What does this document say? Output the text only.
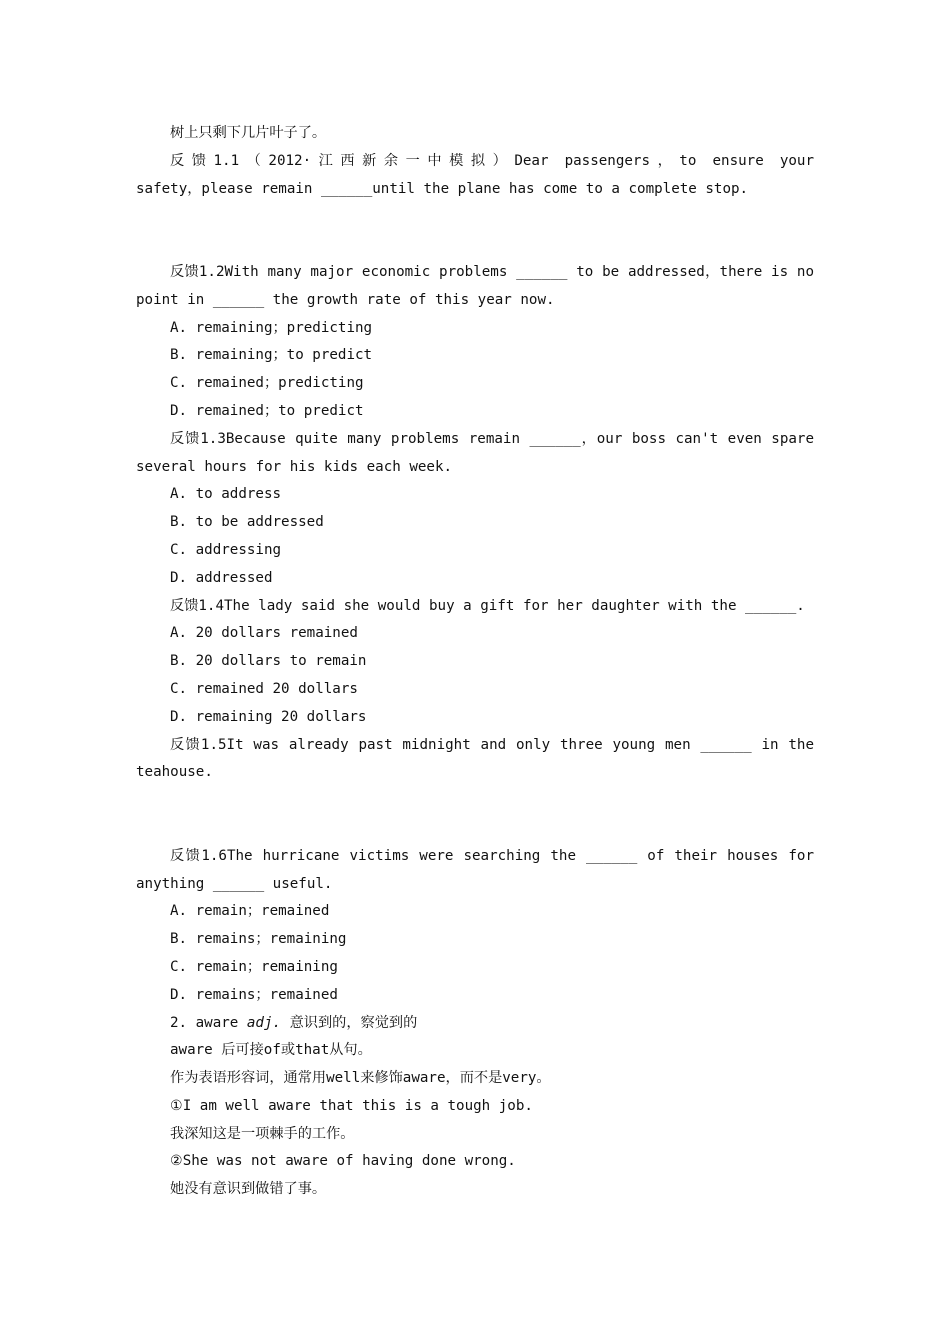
树上只剩下几片叶子了。
反馈1.1（2012·江西新余一中模拟）Dear passengers，to ensure your
safety，please remain ______until the plane has come to a complete stop.

反馈1.2With many major economic problems ______ to be addressed，there is no
point in ______ the growth rate of this year now.
A. remaining；predicting
B. remaining；to predict
C. remained；predicting
D. remained；to predict
反馈1.3Because quite many problems remain ______，our boss can't even spare
several hours for his kids each week.
A. to address
B. to be addressed
C. addressing
D. addressed
反馈1.4The lady said she would buy a gift for her daughter with the ______.
A. 20 dollars remained
B. 20 dollars to remain
C. remained 20 dollars
D. remaining 20 dollars
反馈1.5It was already past midnight and only three young men ______ in the
teahouse.

反馈1.6The hurricane victims were searching the ______ of their houses for
anything ______ useful.
A. remain；remained
B. remains；remaining
C. remain；remaining
D. remains；remained
2. aware adj. 意识到的，察觉到的
aware 后可接of或that从句。
作为表语形容词，通常用well来修饰aware，而不是very。
①I am well aware that this is a tough job.
我深知这是一项棘手的工作。
②She was not aware of having done wrong.
她没有意识到做错了事。
